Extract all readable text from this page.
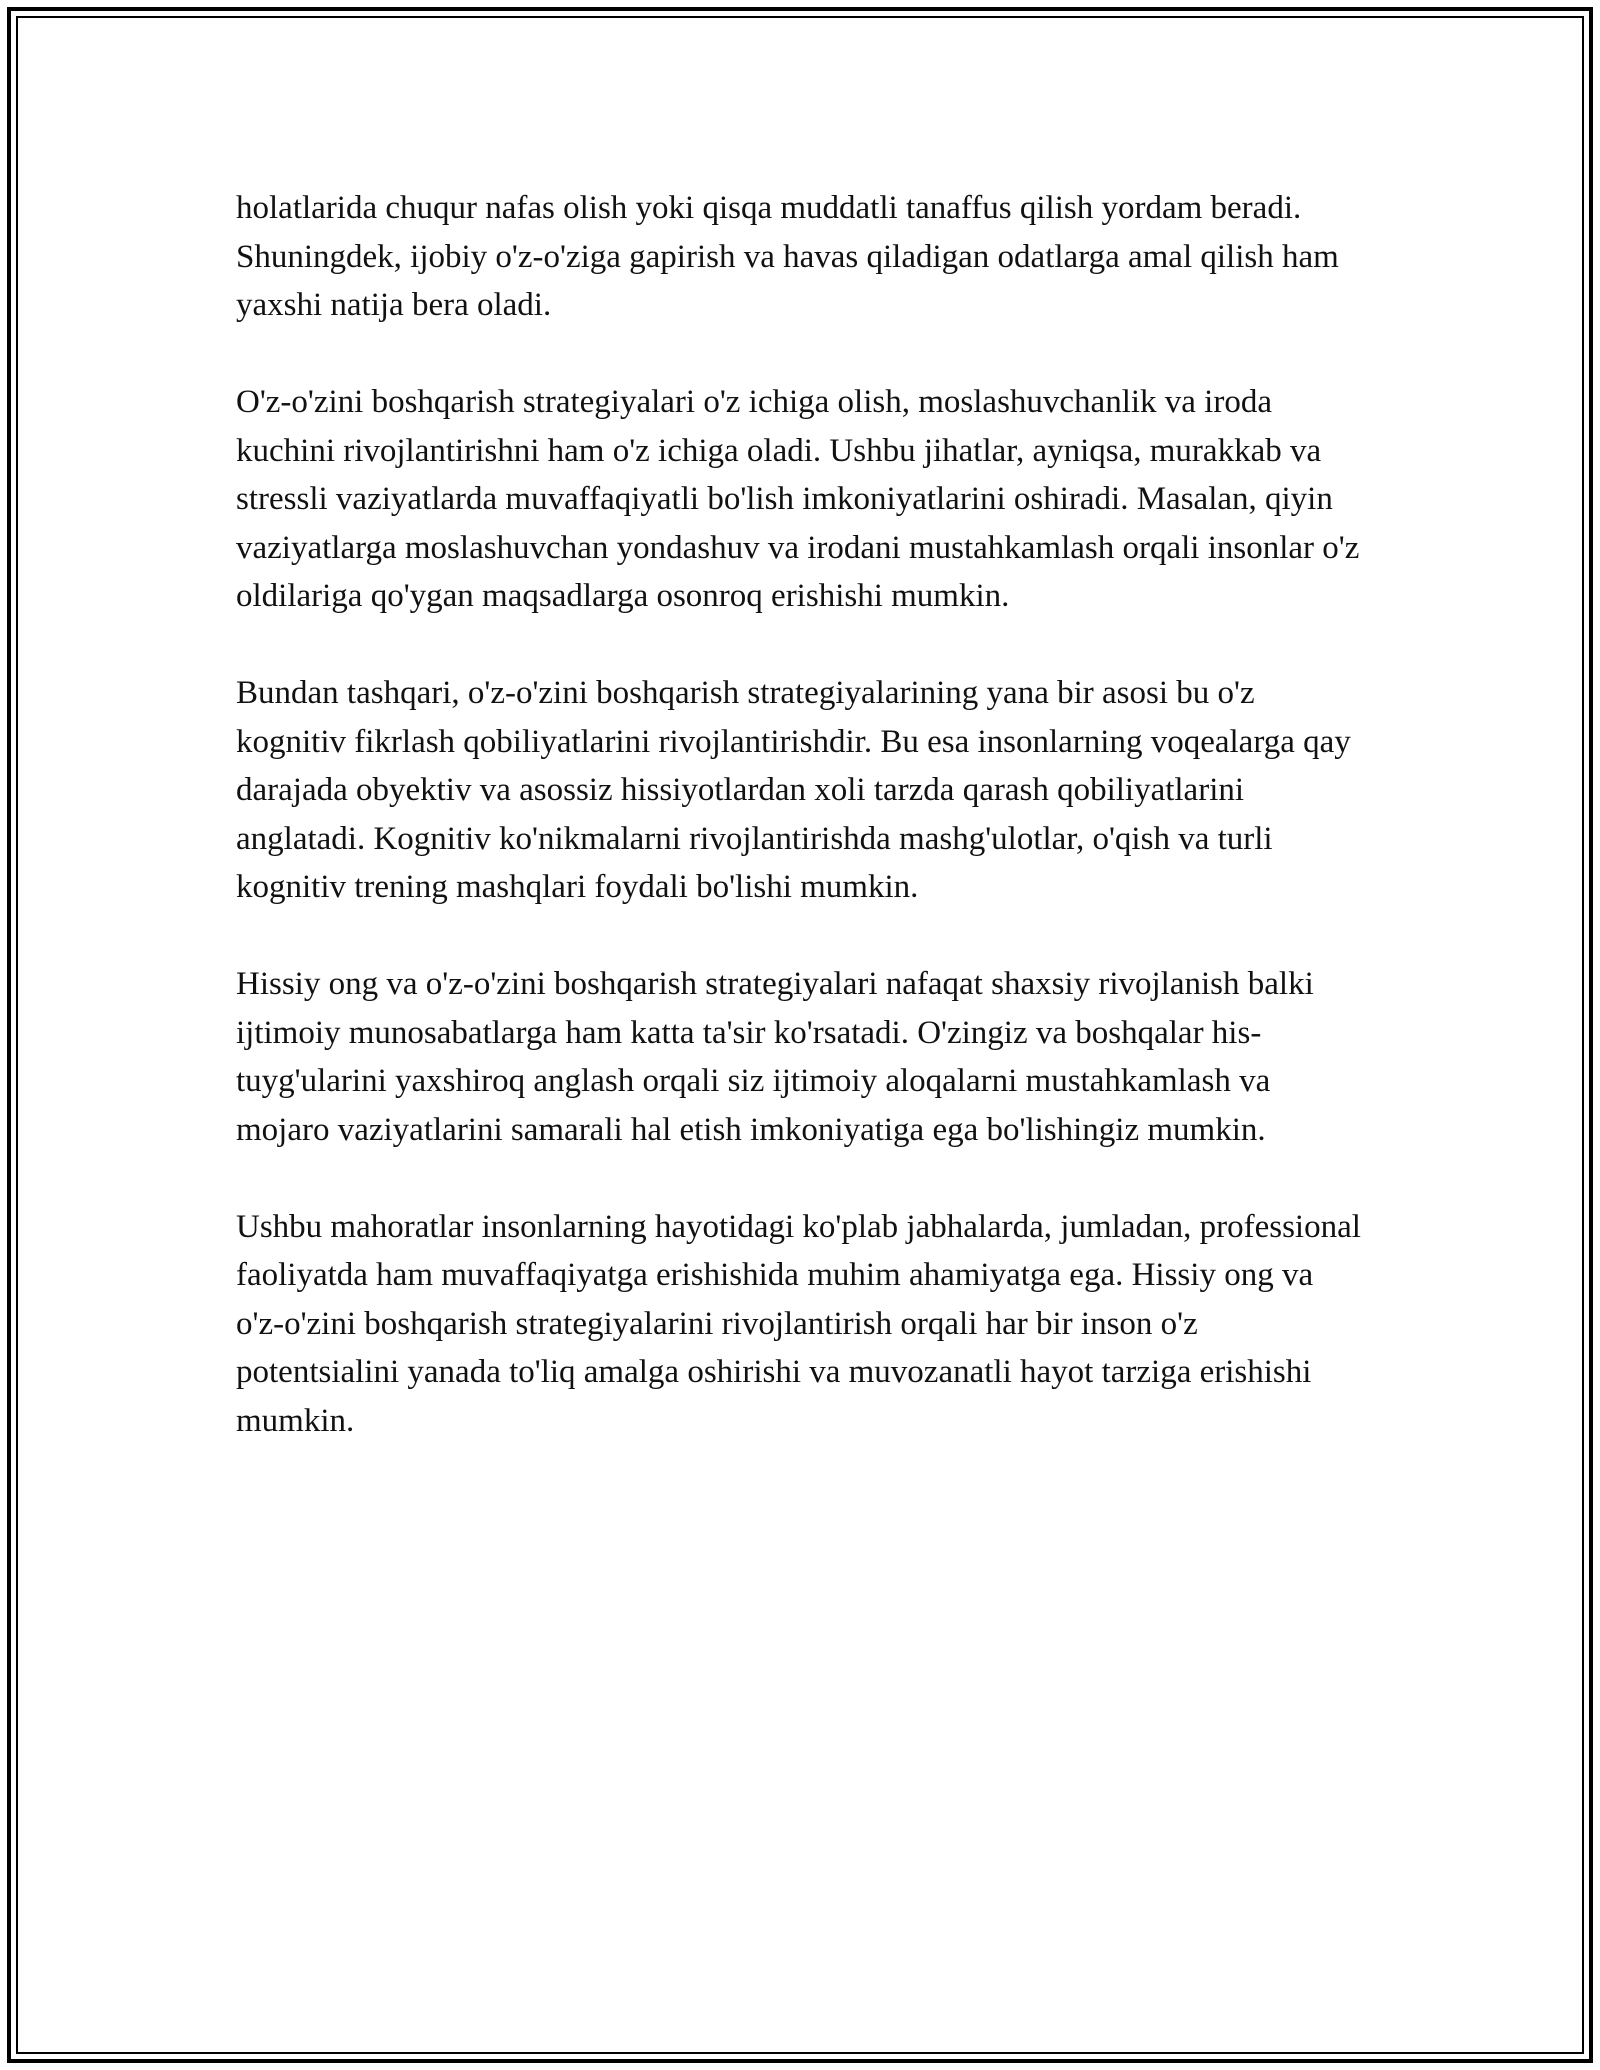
holatlarida chuqur nafas olish yoki qisqa muddatli tanaffus qilish yordam beradi. Shuningdek, ijobiy o'z-o'ziga gapirish va havas qiladigan odatlarga amal qilish ham yaxshi natija bera oladi.

O'z-o'zini boshqarish strategiyalari o'z ichiga olish, moslashuvchanlik va iroda kuchini rivojlantirishni ham o'z ichiga oladi. Ushbu jihatlar, ayniqsa, murakkab va stressli vaziyatlarda muvaffaqiyatli bo'lish imkoniyatlarini oshiradi. Masalan, qiyin vaziyatlarga moslashuvchan yondashuv va irodani mustahkamlash orqali insonlar o'z oldilariga qo'ygan maqsadlarga osonroq erishishi mumkin.

Bundan tashqari, o'z-o'zini boshqarish strategiyalarining yana bir asosi bu o'z kognitiv fikrlash qobiliyatlarini rivojlantirishdir. Bu esa insonlarning voqealarga qay darajada obyektiv va asossiz hissiyotlardan xoli tarzda qarash qobiliyatlarini anglatadi. Kognitiv ko'nikmalarni rivojlantirishda mashg'ulotlar, o'qish va turli kognitiv trening mashqlari foydali bo'lishi mumkin.

Hissiy ong va o'z-o'zini boshqarish strategiyalari nafaqat shaxsiy rivojlanish balki ijtimoiy munosabatlarga ham katta ta'sir ko'rsatadi. O'zingiz va boshqalar his-tuyg'ularini yaxshiroq anglash orqali siz ijtimoiy aloqalarni mustahkamlash va mojaro vaziyatlarini samarali hal etish imkoniyatiga ega bo'lishingiz mumkin.

Ushbu mahoratlar insonlarning hayotidagi ko'plab jabhalarda, jumladan, professional faoliyatda ham muvaffaqiyatga erishishida muhim ahamiyatga ega. Hissiy ong va o'z-o'zini boshqarish strategiyalarini rivojlantirish orqali har bir inson o'z potentsialini yanada to'liq amalga oshirishi va muvozanatli hayot tarziga erishishi mumkin.
